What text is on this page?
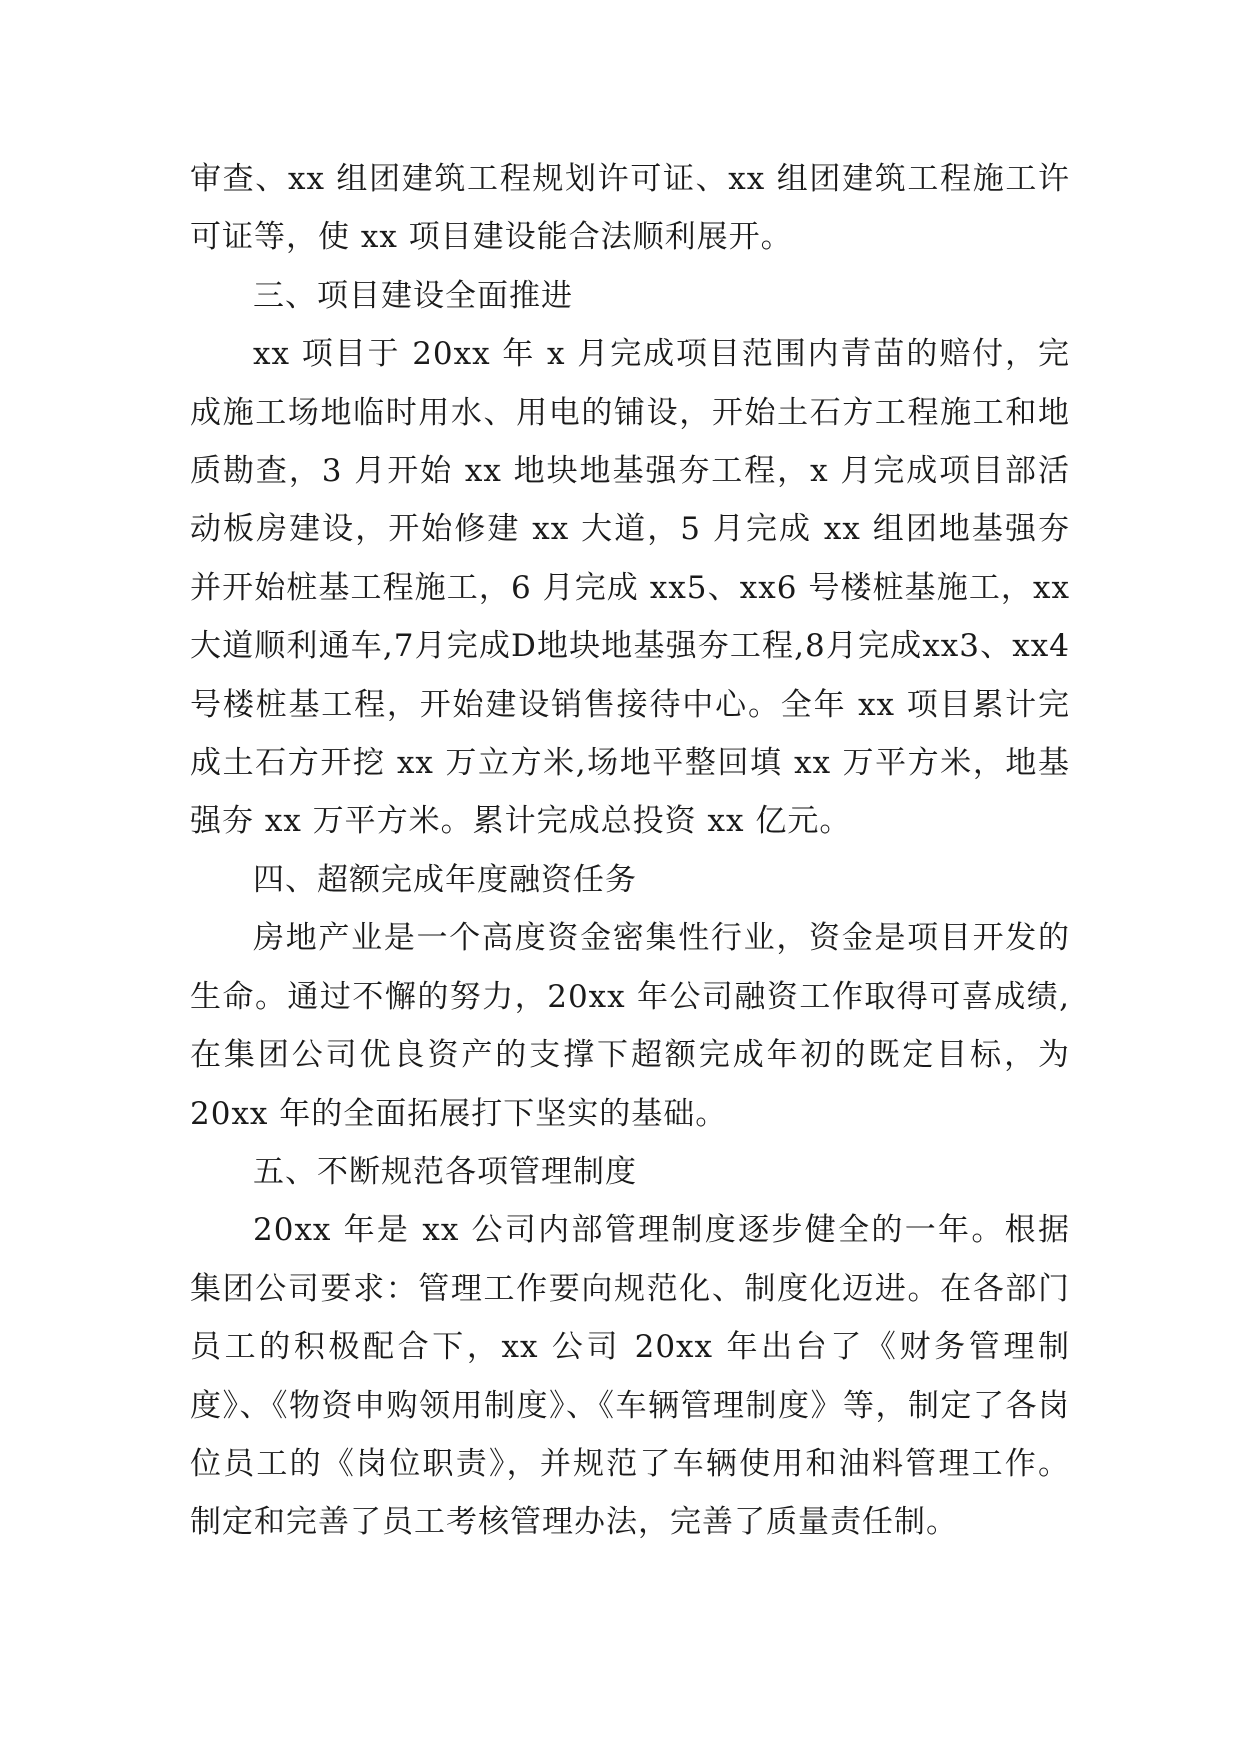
审查、xx 组团建筑工程规划许可证、xx 组团建筑工程施工许可证等，使 xx 项目建设能合法顺利展开。

三、项目建设全面推进

xx 项目于 20xx 年 x 月完成项目范围内青苗的赔付，完成施工场地临时用水、用电的铺设，开始土石方工程施工和地质勘查，3 月开始 xx 地块地基强夯工程，x 月完成项目部活动板房建设，开始修建 xx 大道，5 月完成 xx 组团地基强夯并开始桩基工程施工，6 月完成 xx5、xx6 号楼桩基施工，xx大道顺利通车,7月完成D地块地基强夯工程,8月完成xx3、xx4 号楼桩基工程，开始建设销售接待中心。全年 xx 项目累计完成土石方开挖 xx 万立方米,场地平整回填 xx 万平方米，地基强夯 xx 万平方米。累计完成总投资 xx 亿元。

四、超额完成年度融资任务

房地产业是一个高度资金密集性行业，资金是项目开发的生命。通过不懈的努力，20xx 年公司融资工作取得可喜成绩,在集团公司优良资产的支撑下超额完成年初的既定目标，为 20xx 年的全面拓展打下坚实的基础。

五、不断规范各项管理制度

20xx 年是 xx 公司内部管理制度逐步健全的一年。根据集团公司要求：管理工作要向规范化、制度化迈进。在各部门员工的积极配合下，xx 公司 20xx 年出台了《财务管理制度》、《物资申购领用制度》、《车辆管理制度》等，制定了各岗位员工的《岗位职责》，并规范了车辆使用和油料管理工作。制定和完善了员工考核管理办法，完善了质量责任制。
